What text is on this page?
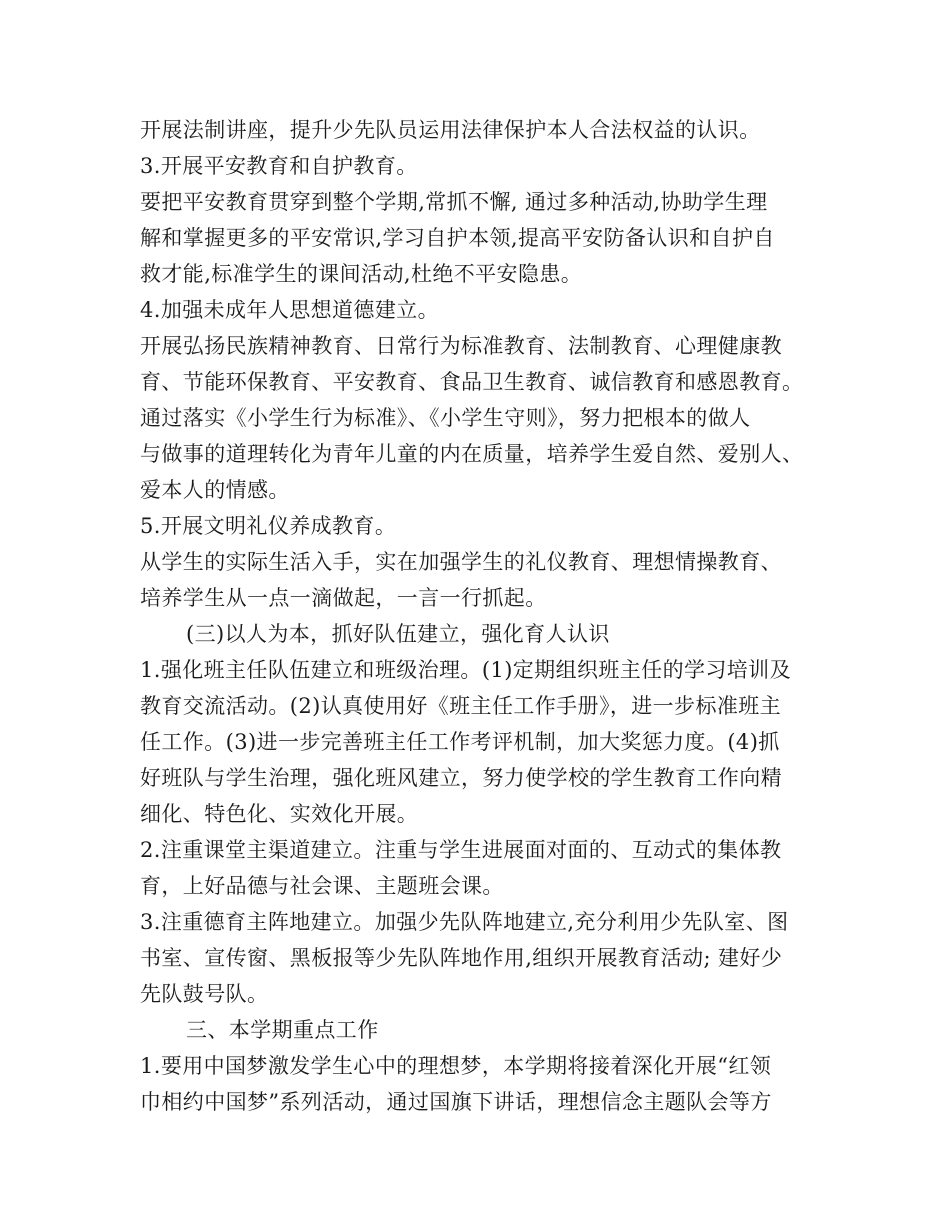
开展法制讲座，提升少先队员运用法律保护本人合法权益的认识。
3.开展平安教育和自护教育。
要把平安教育贯穿到整个学期,常抓不懈, 通过多种活动,协助学生理
解和掌握更多的平安常识,学习自护本领,提高平安防备认识和自护自
救才能,标准学生的课间活动,杜绝不平安隐患。
4.加强未成年人思想道德建立。
开展弘扬民族精神教育、日常行为标准教育、法制教育、心理健康教
育、节能环保教育、平安教育、食品卫生教育、诚信教育和感恩教育。
通过落实《小学生行为标准》、《小学生守则》，努力把根本的做人
与做事的道理转化为青年儿童的内在质量，培养学生爱自然、爱别人、
爱本人的情感。
5.开展文明礼仪养成教育。
从学生的实际生活入手，实在加强学生的礼仪教育、理想情操教育、
培养学生从一点一滴做起，一言一行抓起。
(三)以人为本，抓好队伍建立，强化育人认识
1.强化班主任队伍建立和班级治理。(1)定期组织班主任的学习培训及
教育交流活动。(2)认真使用好《班主任工作手册》，进一步标准班主
任工作。(3)进一步完善班主任工作考评机制，加大奖惩力度。(4)抓
好班队与学生治理，强化班风建立，努力使学校的学生教育工作向精
细化、特色化、实效化开展。
2.注重课堂主渠道建立。注重与学生进展面对面的、互动式的集体教
育，上好品德与社会课、主题班会课。
3.注重德育主阵地建立。加强少先队阵地建立,充分利用少先队室、图
书室、宣传窗、黑板报等少先队阵地作用,组织开展教育活动; 建好少
先队鼓号队。
三、本学期重点工作
1.要用中国梦激发学生心中的理想梦，本学期将接着深化开展“红领
巾相约中国梦”系列活动，通过国旗下讲话，理想信念主题队会等方
